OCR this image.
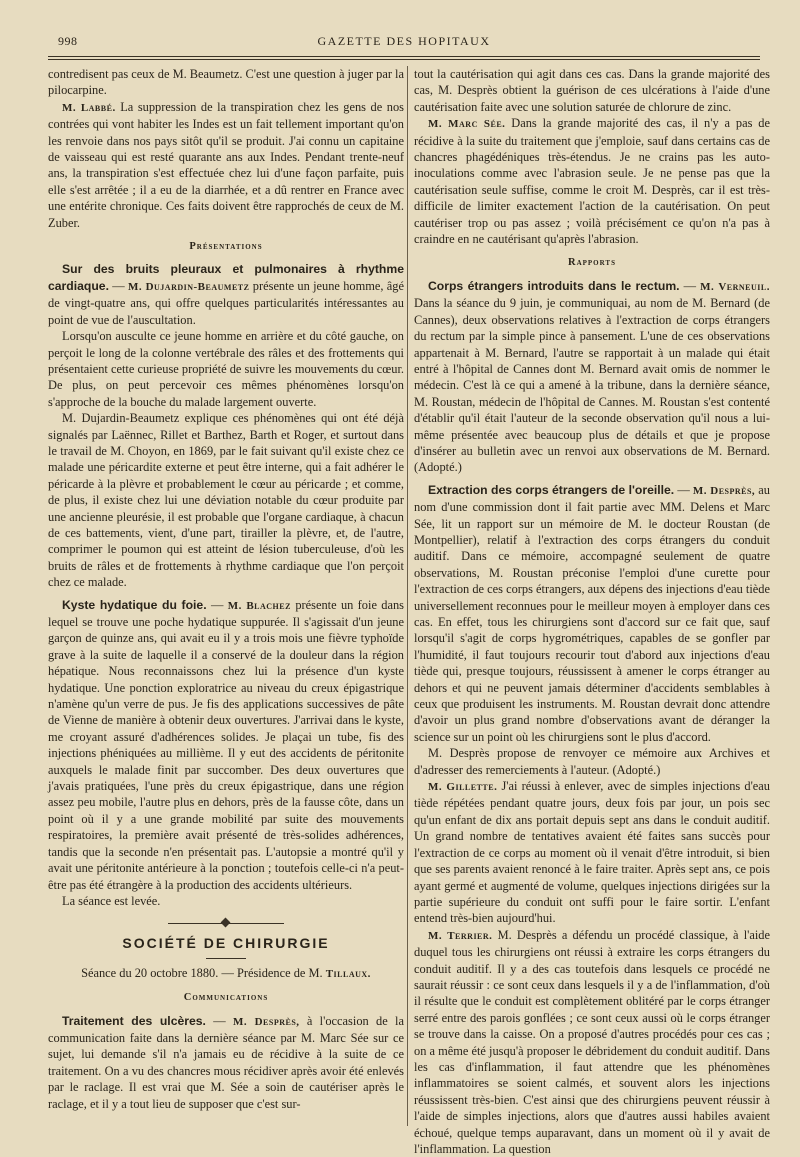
998	GAZETTE DES HOPITAUX

contredisent pas ceux de M. Beaumetz. C'est une question à juger par la pilocarpine.

M. Labbé. La suppression de la transpiration chez les gens de nos contrées qui vont habiter les Indes est un fait tellement important qu'on les renvoie dans nos pays sitôt qu'il se produit. J'ai connu un capitaine de vaisseau qui est resté quarante ans aux Indes. Pendant trente-neuf ans, la transpiration s'est effectuée chez lui d'une façon parfaite, puis elle s'est arrêtée ; il a eu de la diarrhée, et a dû rentrer en France avec une entérite chronique. Ces faits doivent être rapprochés de ceux de M. Zuber.

Présentations

Sur des bruits pleuraux et pulmonaires à rhythme cardiaque. — M. Dujardin-Beaumetz présente un jeune homme, âgé de vingt-quatre ans, qui offre quelques particularités intéressantes au point de vue de l'auscultation.

Lorsqu'on ausculte ce jeune homme en arrière et du côté gauche, on perçoit le long de la colonne vertébrale des râles et des frottements qui présentaient cette curieuse propriété de suivre les mouvements du cœur. De plus, on peut percevoir ces mêmes phénomènes lorsqu'on s'approche de la bouche du malade largement ouverte.

M. Dujardin-Beaumetz explique ces phénomènes qui ont été déjà signalés par Laënnec, Rillet et Barthez, Barth et Roger, et surtout dans le travail de M. Choyon, en 1869, par le fait suivant qu'il existe chez ce malade une péricardite externe et peut être interne, qui a fait adhérer le péricarde à la plèvre et probablement le cœur au péricarde ; et comme, de plus, il existe chez lui une déviation notable du cœur produite par une ancienne pleurésie, il est probable que l'organe cardiaque, à chacun de ces battements, vient, d'une part, tirailler la plèvre, et, de l'autre, comprimer le poumon qui est atteint de lésion tuberculeuse, d'où les bruits de râles et de frottements à rhythme cardiaque que l'on perçoit chez ce malade.

Kyste hydatique du foie. — M. Blachez présente un foie dans lequel se trouve une poche hydatique suppurée. Il s'agissait d'un jeune garçon de quinze ans, qui avait eu il y a trois mois une fièvre typhoïde grave à la suite de laquelle il a conservé de la douleur dans la région hépatique. Nous reconnaissons chez lui la présence d'un kyste hydatique. Une ponction exploratrice au niveau du creux épigastrique n'amène qu'un verre de pus. Je fis des applications successives de pâte de Vienne de manière à obtenir deux ouvertures. J'arrivai dans le kyste, me croyant assuré d'adhérences solides. Je plaçai un tube, fis des injections phéniquées au millième. Il y eut des accidents de péritonite auxquels le malade finit par succomber. Des deux ouvertures que j'avais pratiquées, l'une près du creux épigastrique, dans une région assez peu mobile, l'autre plus en dehors, près de la fausse côte, dans un point où il y a une grande mobilité par suite des mouvements respiratoires, la première avait présenté de très-solides adhérences, tandis que la seconde n'en présentait pas. L'autopsie a montré qu'il y avait une péritonite antérieure à la ponction ; toutefois celle-ci n'a peut-être pas été étrangère à la production des accidents ultérieurs.

La séance est levée.

SOCIÉTÉ DE CHIRURGIE

Séance du 20 octobre 1880. — Présidence de M. Tillaux.

Communications

Traitement des ulcères. — M. Desprès, à l'occasion de la communication faite dans la dernière séance par M. Marc Sée sur ce sujet, lui demande s'il n'a jamais eu de récidive à la suite de ce traitement. On a vu des chancres mous récidiver après avoir été enlevés par le raclage. Il est vrai que M. Sée a soin de cautériser après le raclage, et il y a tout lieu de supposer que c'est sur-

tout la cautérisation qui agit dans ces cas. Dans la grande majorité des cas, M. Desprès obtient la guérison de ces ulcérations à l'aide d'une cautérisation faite avec une solution saturée de chlorure de zinc.

M. Marc Sée. Dans la grande majorité des cas, il n'y a pas de récidive à la suite du traitement que j'emploie, sauf dans certains cas de chancres phagédéniques très-étendus. Je ne crains pas les auto-inoculations comme avec l'abrasion seule. Je ne pense pas que la cautérisation seule suffise, comme le croit M. Desprès, car il est très-difficile de limiter exactement l'action de la cautérisation. On peut cautériser trop ou pas assez ; voilà précisément ce qu'on n'a pas à craindre en ne cautérisant qu'après l'abrasion.

Rapports

Corps étrangers introduits dans le rectum. — M. Verneuil. Dans la séance du 9 juin, je communiquai, au nom de M. Bernard (de Cannes), deux observations relatives à l'extraction de corps étrangers du rectum par la simple pince à pansement. L'une de ces observations appartenait à M. Bernard, l'autre se rapportait à un malade qui était entré à l'hôpital de Cannes dont M. Bernard avait omis de nommer le médecin. C'est là ce qui a amené à la tribune, dans la dernière séance, M. Roustan, médecin de l'hôpital de Cannes. M. Roustan s'est contenté d'établir qu'il était l'auteur de la seconde observation qu'il nous a lui-même présentée avec beaucoup plus de détails et que je propose d'insérer au bulletin avec un renvoi aux observations de M. Bernard. (Adopté.)

Extraction des corps étrangers de l'oreille. — M. Desprès, au nom d'une commission dont il fait partie avec MM. Delens et Marc Sée, lit un rapport sur un mémoire de M. le docteur Roustan (de Montpellier), relatif à l'extraction des corps étrangers du conduit auditif. Dans ce mémoire, accompagné seulement de quatre observations, M. Roustan préconise l'emploi d'une curette pour l'extraction de ces corps étrangers, aux dépens des injections d'eau tiède universellement reconnues pour le meilleur moyen à employer dans ces cas. En effet, tous les chirurgiens sont d'accord sur ce fait que, sauf lorsqu'il s'agit de corps hygrométriques, capables de se gonfler par l'humidité, il faut toujours recourir tout d'abord aux injections d'eau tiède qui, presque toujours, réussissent à amener le corps étranger au dehors et qui ne peuvent jamais déterminer d'accidents semblables à ceux que produisent les instruments. M. Roustan devrait donc attendre d'avoir un plus grand nombre d'observations avant de déranger la science sur un point où les chirurgiens sont le plus d'accord.

M. Desprès propose de renvoyer ce mémoire aux Archives et d'adresser des remerciements à l'auteur. (Adopté.)

M. Gillette. J'ai réussi à enlever, avec de simples injections d'eau tiède répétées pendant quatre jours, deux fois par jour, un pois sec qu'un enfant de dix ans portait depuis sept ans dans le conduit auditif. Un grand nombre de tentatives avaient été faites sans succès pour l'extraction de ce corps au moment où il venait d'être introduit, si bien que ses parents avaient renoncé à le faire traiter. Après sept ans, ce pois ayant germé et augmenté de volume, quelques injections dirigées sur la partie supérieure du conduit ont suffi pour le faire sortir. L'enfant entend très-bien aujourd'hui.

M. Terrier. M. Desprès a défendu un procédé classique, à l'aide duquel tous les chirurgiens ont réussi à extraire les corps étrangers du conduit auditif. Il y a des cas toutefois dans lesquels ce procédé ne saurait réussir : ce sont ceux dans lesquels il y a de l'inflammation, d'où il résulte que le conduit est complètement oblitéré par le corps étranger serré entre des parois gonflées ; ce sont ceux aussi où le corps étranger se trouve dans la caisse. On a proposé d'autres procédés pour ces cas ; on a même été jusqu'à proposer le débridement du conduit auditif. Dans les cas d'inflammation, il faut attendre que les phénomènes inflammatoires se soient calmés, et souvent alors les injections réussissent très-bien. C'est ainsi que des chirurgiens peuvent réussir à l'aide de simples injections, alors que d'autres aussi habiles avaient échoué, quelque temps auparavant, dans un moment où il y avait de l'inflammation. La question
